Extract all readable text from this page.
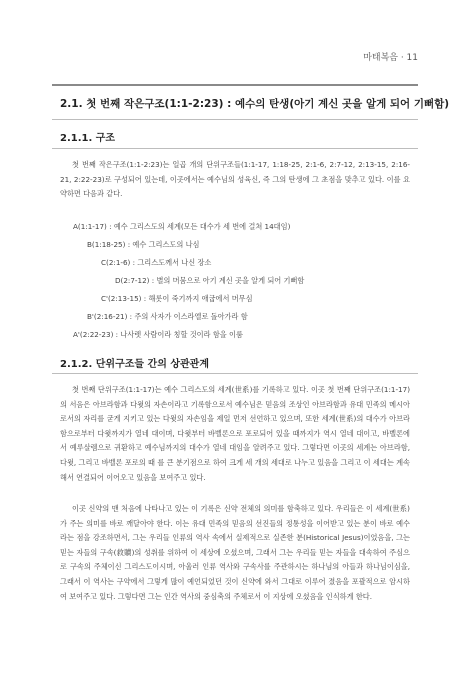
마태복음 · 11
2.1. 첫 번째 작은구조(1:1-2:23) : 예수의 탄생(아기 계신 곳을 알게 되어 기뻐함)
2.1.1. 구조

첫 번째 작은구조(1:1-2:23)는 일곱 개의 단위구조들(1:1-17, 1:18-25, 2:1-6, 2:7-12, 2:13-15, 2:16-21, 2:22-23)로 구성되어 있는데, 이곳에서는 예수님의 성육신, 즉 그의 탄생에 그 초점을 맞추고 있다. 이를 요약하면 다음과 같다.

A(1:1-17) : 예수 그리스도의 세계(모든 대수가 세 번에 걸쳐 14대임)
B(1:18-25) : 예수 그리스도의 나심
C(2:1-6) : 그리스도께서 나신 장소
D(2:7-12) : 별의 머뭄으로 아기 계신 곳을 알게 되어 기뻐함
C'(2:13-15) : 해롯이 죽기까지 애굽에서 머무심
B'(2:16-21) : 주의 사자가 이스라엘로 돌아가라 함
A'(2:22-23) : 나사렛 사람이라 칭할 것이라 함을 이룸
2.1.2. 단위구조들 간의 상관관계

첫 번째 단위구조(1:1-17)는 예수 그리스도의 세계(世系)를 기록하고 있다. 이곳 첫 번째 단위구조(1:1-17)의 서음은 아브라함과 다윗의 자손이라고 기록함으로서 예수님은 믿음의 조상인 아브라함과 유대 민족의 메시아로서의 자리를 굳게 지키고 있는 다윗의 자손임을 제일 먼저 선언하고 있으며, 또한 세계(世系)의 대수가 아브라함으로부터 다윗까지가 열네 대이며, 다윗부터 바벨론으로 포로되어 있을 때까지가 역시 열네 대이고, 바벨론에서 예루살렘으로 귀환하고 예수님까지의 대수가 열네 대임을 알려주고 있다. 그렇다면 이곳의 세계는 아브라함, 다윗, 그리고 바벨론 포로의 때 를 큰 분기점으로 하여 크게 세 개의 세대로 나누고 있음을 그리고 이 세대는 계속해서 연결되어 이어오고 있음을 보여주고 있다.

이곳 신약의 맨 처음에 나타나고 있는 이 기록은 신약 전체의 의미를 함축하고 있다. 우리들은 이 세계(世系)가 주는 의미를 바로 깨달아야 한다. 이는 유대 민족의 믿음의 선진들의 정통성을 이어받고 있는 분이 바로 예수라는 점을 강조하면서, 그는 우리들 인류의 역사 속에서 실제적으로 실존한 분(Historical Jesus)이었음을, 그는 믿는 자들의 구속(救贖)의 성취를 위하여 이 세상에 오셨으며, 그래서 그는 우리들 믿는 자들을 대속하여 주심으로 구속의 주체이신 그리스도이시며, 아울러 인류 역사와 구속사를 주관하시는 하나님의 아들과 하나님이심을, 그래서 이 역사는 구약에서 그렇게 많이 예언되었던 것이 신약에 와서 그대로 이루어 졌음을 포괄적으로 암시하여 보여주고 있다. 그렇다면 그는 인간 역사의 중심축의 주체로서 이 지상에 오셨음을 인식하게 한다.
